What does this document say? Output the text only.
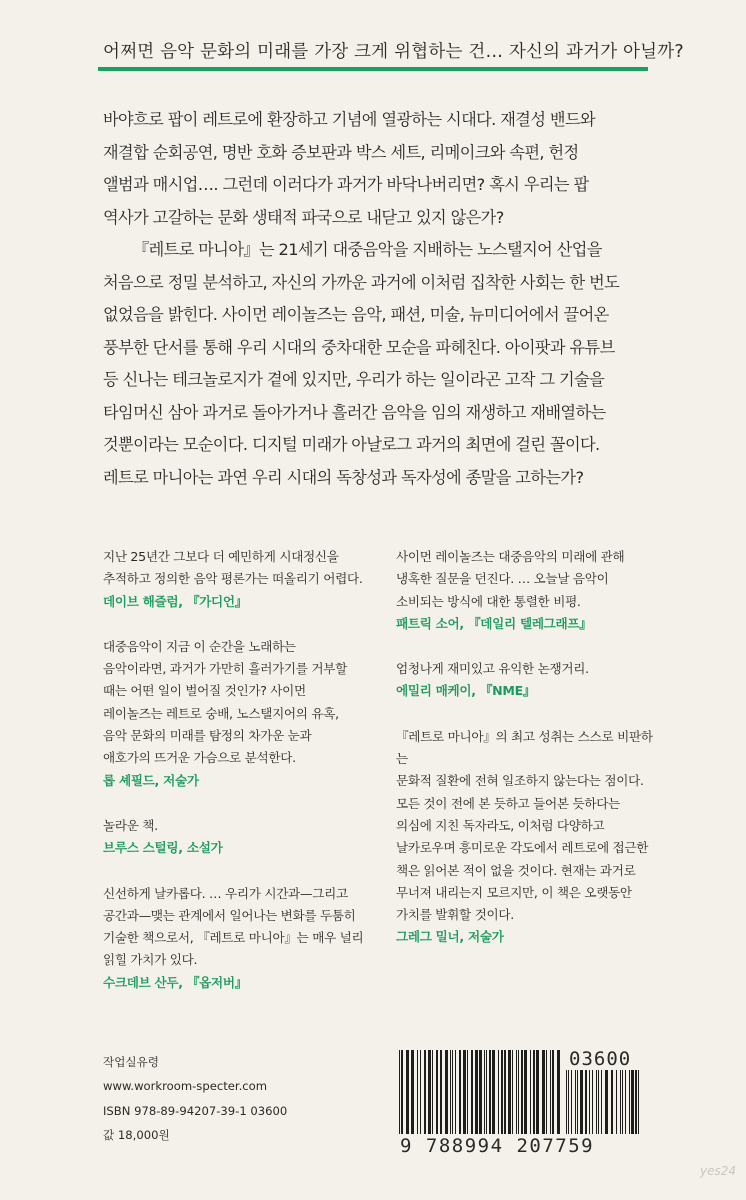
어쩌면 음악 문화의 미래를 가장 크게 위협하는 건… 자신의 과거가 아닐까?

바야흐로 팝이 레트로에 환장하고 기념에 열광하는 시대다. 재결성 밴드와

재결합 순회공연, 명반 호화 증보판과 박스 세트, 리메이크와 속편, 헌정

앨범과 매시업…. 그런데 이러다가 과거가 바닥나버리면? 혹시 우리는 팝

역사가 고갈하는 문화 생태적 파국으로 내닫고 있지 않은가?

『레트로 마니아』는 21세기 대중음악을 지배하는 노스탤지어 산업을

처음으로 정밀 분석하고, 자신의 가까운 과거에 이처럼 집착한 사회는 한 번도

없었음을 밝힌다. 사이먼 레이놀즈는 음악, 패션, 미술, 뉴미디어에서 끌어온

풍부한 단서를 통해 우리 시대의 중차대한 모순을 파헤친다. 아이팟과 유튜브

등 신나는 테크놀로지가 곁에 있지만, 우리가 하는 일이라곤 고작 그 기술을

타임머신 삼아 과거로 돌아가거나 흘러간 음악을 임의 재생하고 재배열하는

것뿐이라는 모순이다. 디지털 미래가 아날로그 과거의 최면에 걸린 꼴이다.

레트로 마니아는 과연 우리 시대의 독창성과 독자성에 종말을 고하는가?

지난 25년간 그보다 더 예민하게 시대정신을
추적하고 정의한 음악 평론가는 떠올리기 어렵다.
데이브 해즐럼, 『가디언』
대중음악이 지금 이 순간을 노래하는
음악이라면, 과거가 가만히 흘러가기를 거부할
때는 어떤 일이 벌어질 것인가? 사이먼
레이놀즈는 레트로 숭배, 노스탤지어의 유혹,
음악 문화의 미래를 탐정의 차가운 눈과
애호가의 뜨거운 가슴으로 분석한다.
롭 셰필드, 저술가
놀라운 책.
브루스 스털링, 소설가
신선하게 날카롭다. … 우리가 시간과—그리고
공간과—맺는 관계에서 일어나는 변화를 두툼히
기술한 책으로서, 『레트로 마니아』는 매우 널리
읽힐 가치가 있다.
수크데브 산두, 『옵저버』
사이먼 레이놀즈는 대중음악의 미래에 관해
냉혹한 질문을 던진다. … 오늘날 음악이
소비되는 방식에 대한 통렬한 비평.
패트릭 소어, 『데일리 텔레그래프』
엄청나게 재미있고 유익한 논쟁거리.
에밀리 매케이, 『NME』
『레트로 마니아』의 최고 성취는 스스로 비판하는
문화적 질환에 전혀 일조하지 않는다는 점이다.
모든 것이 전에 본 듯하고 들어본 듯하다는
의심에 지친 독자라도, 이처럼 다양하고
날카로우며 흥미로운 각도에서 레트로에 접근한
책은 읽어본 적이 없을 것이다. 현재는 과거로
무너져 내리는지 모르지만, 이 책은 오랫동안
가치를 발휘할 것이다.
그레그 밀너, 저술가
작업실유령
www.workroom-specter.com
ISBN 978-89-94207-39-1 03600
값 18,000원
03600
9 788994 207759
yes24
